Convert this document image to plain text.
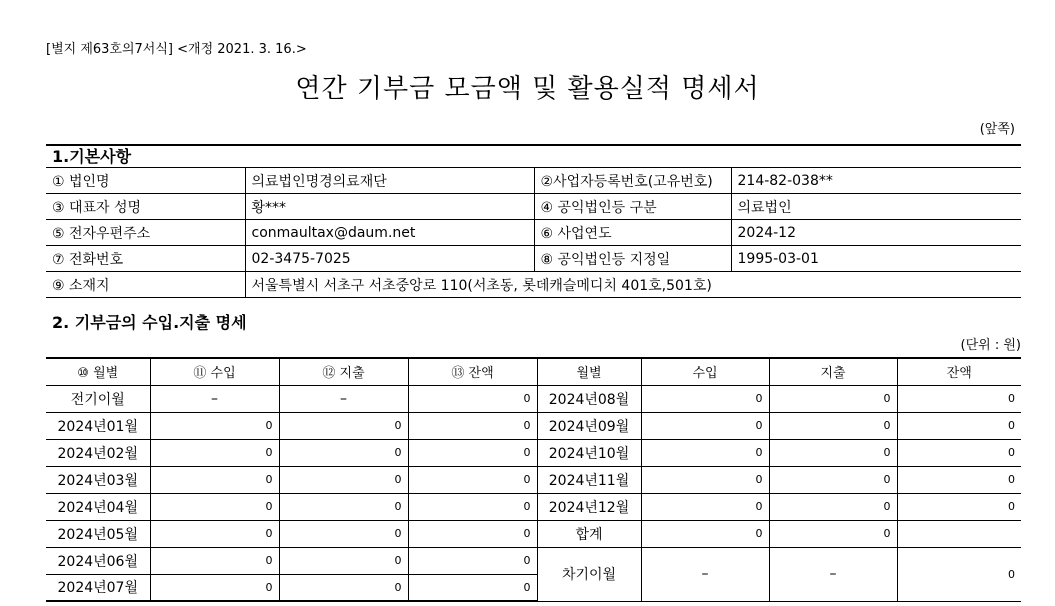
[별지 제63호의7서식] <개정 2021. 3. 16.>
연간 기부금 모금액 및 활용실적 명세서
(앞쪽)
1.기본사항
① 법인명	의료법인명경의료재단	②사업자등록번호(고유번호)	214-82-038**
③ 대표자 성명	황***	④ 공익법인등 구분	의료법인
⑤ 전자우편주소	conmaultax@daum.net	⑥ 사업연도	2024-12
⑦ 전화번호	02-3475-7025	⑧ 공익법인등 지정일	1995-03-01
⑨ 소재지	서울특별시 서초구 서초중앙로 110(서초동, 롯데캐슬메디치 401호,501호)		
2. 기부금의 수입.지출 명세
(단위 : 원)
⑩ 월별	⑪ 수입	⑫ 지출	⑬ 잔액	월별	수입	지출	잔액
전기이월	–	–	0	2024년08월	0	0	0
2024년01월	0	0	0	2024년09월	0	0	0
2024년02월	0	0	0	2024년10월	0	0	0
2024년03월	0	0	0	2024년11월	0	0	0
2024년04월	0	0	0	2024년12월	0	0	0
2024년05월	0	0	0	합계	0	0	
2024년06월	0	0	0	차기이월	–	–	0
2024년07월	0	0	0				
